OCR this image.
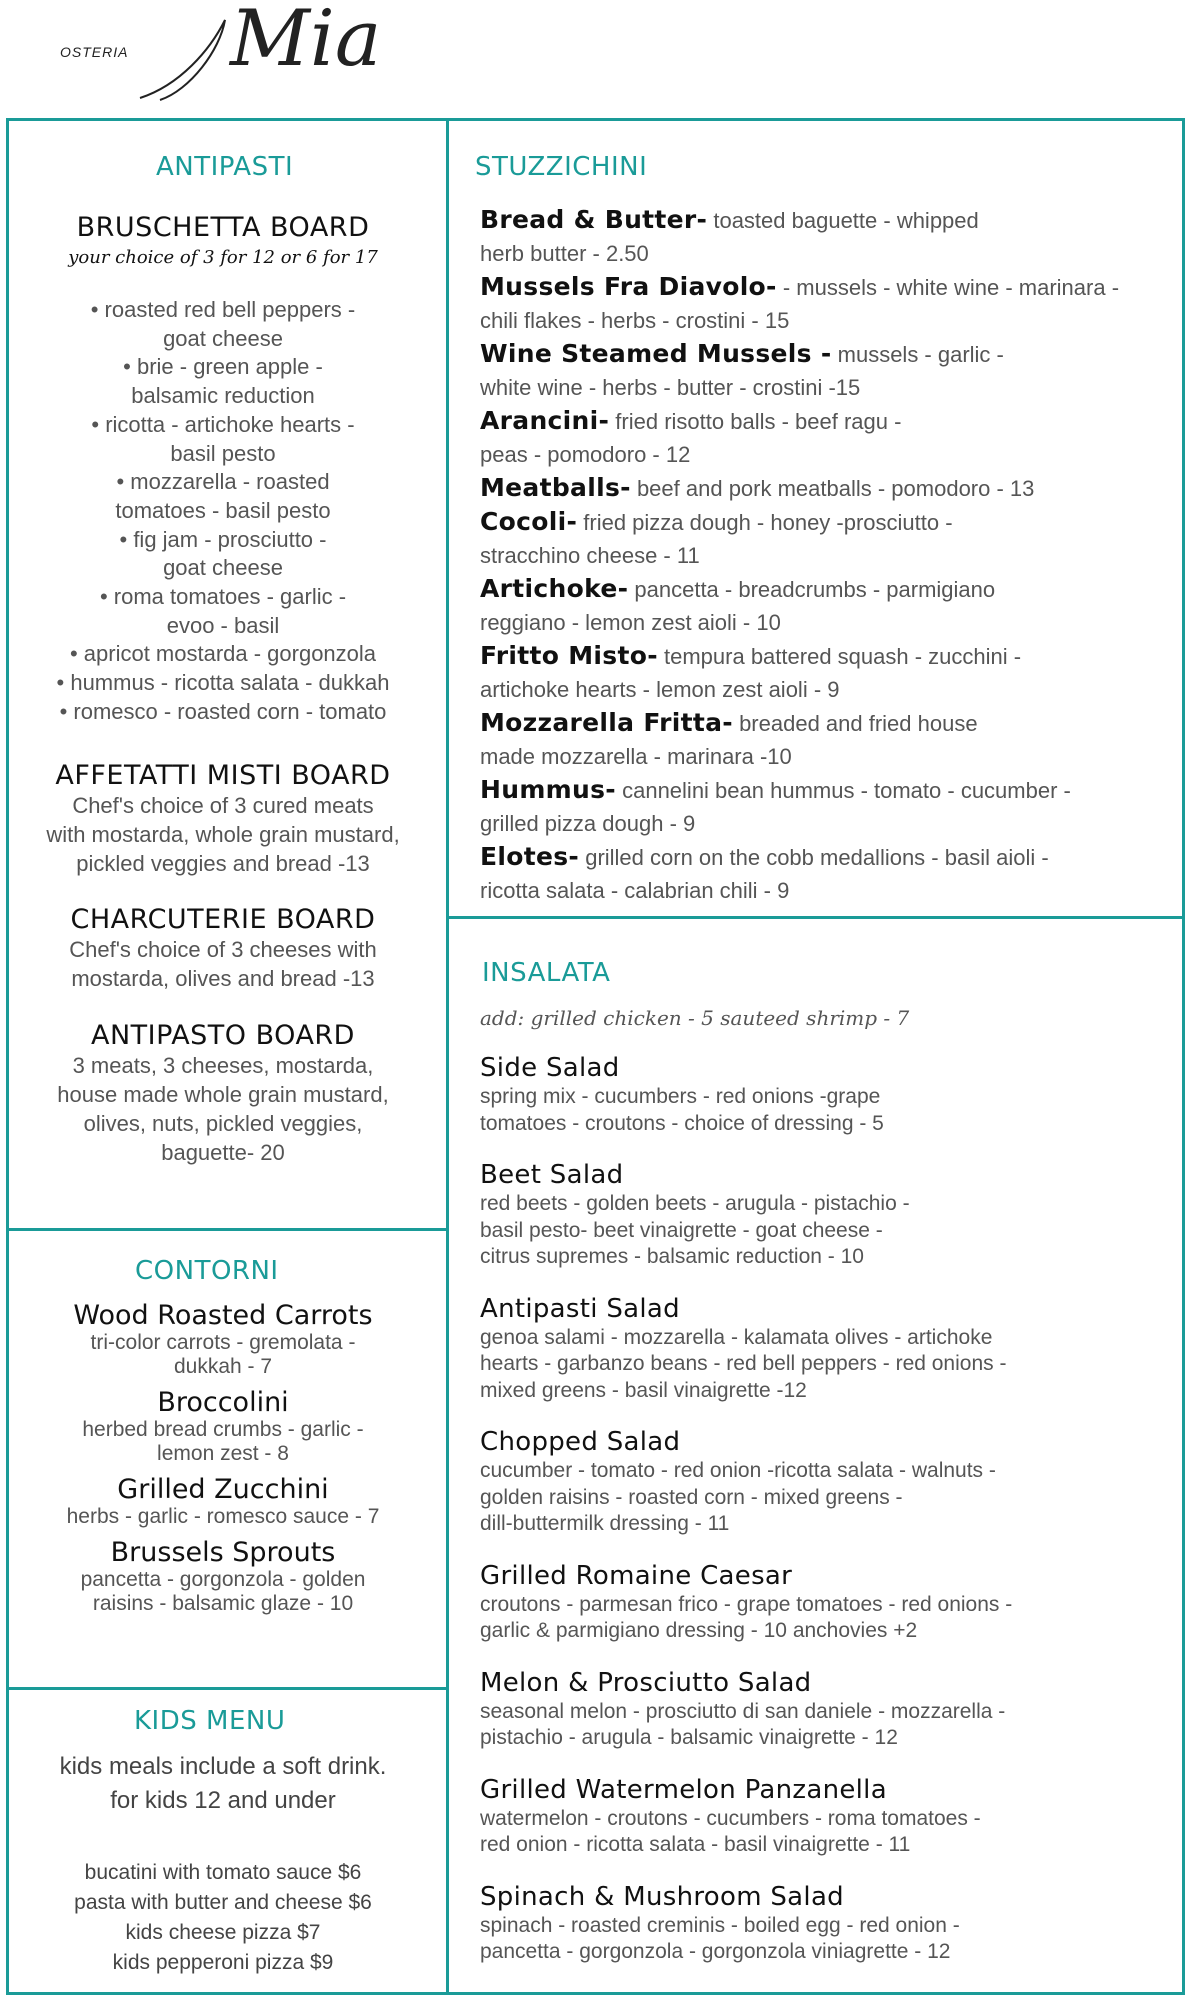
OSTERIA Mia
ANTIPASTI
BRUSCHETTA BOARD
your choice of 3 for 12 or 6 for 17
• roasted red bell peppers -
goat cheese
• brie - green apple -
balsamic reduction
• ricotta - artichoke hearts -
basil pesto
• mozzarella - roasted
tomatoes - basil pesto
• fig jam - prosciutto -
goat cheese
• roma tomatoes - garlic -
evoo - basil
• apricot mostarda - gorgonzola
• hummus - ricotta salata - dukkah
• romesco - roasted corn - tomato
AFFETATTI MISTI BOARD
Chef's choice of 3 cured meats
with mostarda, whole grain mustard,
pickled veggies and bread -13
CHARCUTERIE BOARD
Chef's choice of 3 cheeses with
mostarda, olives and bread -13
ANTIPASTO BOARD
3 meats, 3 cheeses, mostarda,
house made whole grain mustard,
olives, nuts, pickled veggies,
baguette- 20
CONTORNI
Wood Roasted Carrots
tri-color carrots - gremolata -
dukkah - 7
Broccolini
herbed bread crumbs - garlic -
lemon zest - 8
Grilled Zucchini
herbs - garlic - romesco sauce - 7
Brussels Sprouts
pancetta - gorgonzola - golden
raisins - balsamic glaze - 10
KIDS MENU
kids meals include a soft drink.
for kids 12 and under
bucatini with tomato sauce $6
pasta with butter and cheese $6
kids cheese pizza $7
kids pepperoni pizza $9
STUZZICHINI
Bread & Butter- toasted baguette - whipped
herb butter - 2.50
Mussels Fra Diavolo- - mussels - white wine - marinara -
chili flakes - herbs - crostini - 15
Wine Steamed Mussels - mussels - garlic -
white wine - herbs - butter - crostini -15
Arancini- fried risotto balls - beef ragu -
peas - pomodoro - 12
Meatballs- beef and pork meatballs - pomodoro - 13
Cocoli- fried pizza dough - honey -prosciutto -
stracchino cheese - 11
Artichoke- pancetta - breadcrumbs - parmigiano
reggiano - lemon zest aioli - 10
Fritto Misto- tempura battered squash - zucchini -
artichoke hearts - lemon zest aioli - 9
Mozzarella Fritta- breaded and fried house
made mozzarella - marinara -10
Hummus- cannelini bean hummus - tomato - cucumber -
grilled pizza dough - 9
Elotes- grilled corn on the cobb medallions - basil aioli -
ricotta salata - calabrian chili - 9
INSALATA
add: grilled chicken - 5 sauteed shrimp - 7
Side Salad
spring mix - cucumbers - red onions -grape
tomatoes - croutons - choice of dressing - 5
Beet Salad
red beets - golden beets - arugula - pistachio -
basil pesto- beet vinaigrette - goat cheese -
citrus supremes - balsamic reduction - 10
Antipasti Salad
genoa salami - mozzarella - kalamata olives - artichoke
hearts - garbanzo beans - red bell peppers - red onions -
mixed greens - basil vinaigrette -12
Chopped Salad
cucumber - tomato - red onion -ricotta salata - walnuts -
golden raisins - roasted corn - mixed greens -
dill-buttermilk dressing - 11
Grilled Romaine Caesar
croutons - parmesan frico - grape tomatoes - red onions -
garlic & parmigiano dressing - 10 anchovies +2
Melon & Prosciutto Salad
seasonal melon - prosciutto di san daniele - mozzarella -
pistachio - arugula - balsamic vinaigrette - 12
Grilled Watermelon Panzanella
watermelon - croutons - cucumbers - roma tomatoes -
red onion - ricotta salata - basil vinaigrette - 11
Spinach & Mushroom Salad
spinach - roasted creminis - boiled egg - red onion -
pancetta - gorgonzola - gorgonzola viniagrette - 12
